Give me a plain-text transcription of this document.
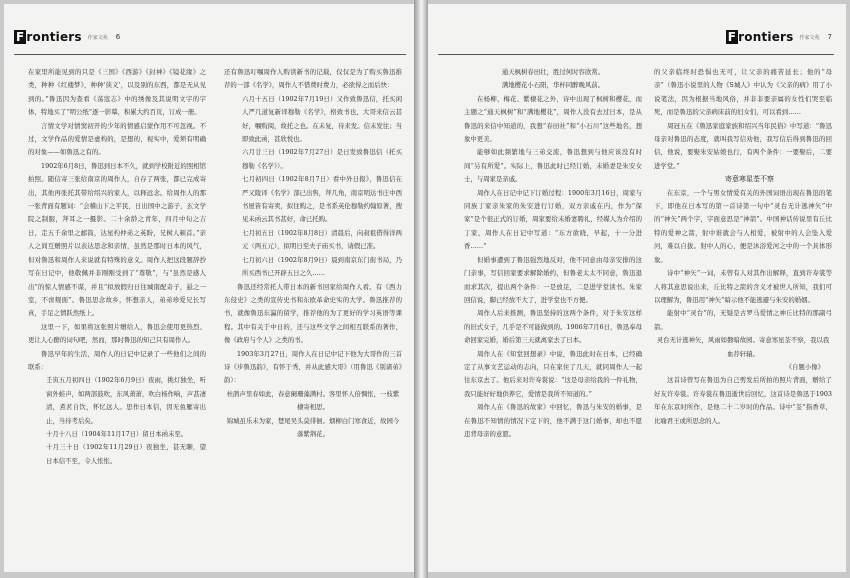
F rontiers 作家文苑 6

在家里所能见到的只是《三国》《西游》《封神》《镜花缘》之类，种种《红楼梦》，种种'侠义'，以及别的东西，都是无从见到的。”鲁迅因为查看《荡寇志》中的绣像及其说明文字的字体，特地买了“明公纸”逐一影摹，积累大约百页，订成一册。

言情文学对情窦初开的少年的情感启蒙作用不可忽视。不过，文学作品的爱情是虚构的，是想的，视实中，爱须有明确的对象——如鲁迅之有的。

1902年6月8日，鲁迅到日本不久，就到学校附近的照相馆拍照。随信寄三张给南京的周作人，自存了两张，都已完成寄出，其他再张托其带给绍兴的家人，以释远念。给周作人的那一张背面有题词：“会稽山下之平民，日出国中之游子，玄文学院之制服，拜耳之一摄影。二十余龄之青年，四月中旬之吉日，走五千余里之邮筒，达星杓仲弟之英盼，兄树人顿首。”亲人之间互赠照片以表达思念和亲情，虽然是那时日本的风气，但对鲁迅和周作人来说就有特殊的意义。周作人把这段题辞抄写在日记中，他敬佩并非刚刚受到了“尊敬”，与“虽然是感人出”的惊人情感不谋，并且“拟放假归日往城南配奇子，悬之一室，不啻觌面”。鲁迅思念故乡，怀想亲人，弟弟珍爱兄长写真，手足之情跃然纸上。

这里一下，如果将这张照片赠给人，鲁迅会使用更热烈、更让人心醉的词句吧，然而，那时鲁迅的知己只有周作人。

鲁迅早年的生活，周作人的日记中记录了一些他们之间的联系：

壬寅五月初四日（1902年6月9日）夜雨，挑灯独坐，听窗外蛙声，如两部鼓吹，东风萧萧，吹白杨作响，声甚凄清，煮茗自饮，怀忆远人。思作日本信，因无鱼雁寄出止，当待考后矣。

十月十八日（1904年11月17日）留日本函未至。

十月三十日（1902年11月29日）夜独坐，甚无聊，望日本信不至，令人怅怅。

还有鲁迅叮嘱周作人购读新书的记载，仅仅是为了购买鲁迅推荐的一部《名学》，周作人不惜费时费力，必欲得之而后快：

六月十五日（1902年7月19日）又作致鲁迅信，托买闲人严几道复新译穆勒《名学》，格致书也，大哥来信云甚好，嘱购阅，故托之也。在未复，待来发。信未发往；当即致此函，甚欣悦也。

六月廿三日（1902年7月27日）是日发致鲁迅信（托买穆勒《名学》）。

七月初四日（1902年8月7日）看中外日报》，鲁迅信在严又陵译《名学》部已出售，拜几角，南京明达书庄中西书屋皆有寄卖，拟往购之，是书系英伦穆勒约翰原著，搜见未函云其书甚好，命已托购。

七月初五日（1902年8月8日）清晨后，向叔祖借得洋两元（两五元），拟明日至夫子庙买书，请假已准。

七月初六日（1902年8月9日）晨到南京东门街书局，乃所买西书已开辟五日之久……

鲁迅还经常托人带日本的新书回家给周作人看。有《西力东侵史》之类的宣传史书和东欧革命史实的大学。鲁迅推荐的书，就像鲁迅东瀛的留学，推荐他的为了更好的学习英语等课程。其中有关于中日的，还与这些文学之间相互联系的著作，像《政府与个人》之类的书。

1903年3月27日，周作人在日记中记下他为大哥作的三首诗《步鲁迅韵》，有怀于秀，并从此感大哥》（用鲁迅《别诸弟》韵）：

杜鹃声里春如此，春意阑珊藻满村。客里怀人倍惆怅，一枝紫棣寄相思。

锦城虽乐未为家，楚尾吴头莫徘徊。烟柳白门寒食近，故园今落紫荆花。

F rontiers 作家文苑 7

通天枫树春田壮，胜过何时容欣赏。

满地樱花小石阳，华杯同醉晚风前。

在杨柳、梅花、紫棣花之外，诗中出现了枫树和樱花，而主题之“通天枫树”和“满地樱花”，周作人没有去过日本，是从鲁迅的来信中知道的，我想“春田社”和“小石川”这些地名，想象中更美。

能够如此频繁地与三弟交流，鲁迅想到与他应该没有时间“另有所爱”。实际上，鲁迅此时已经订婚，未婚妻是朱安女士，与周家是亲戚。

周作人在日记中记下订婚过程：1900年3月16日，周家与同族丁家亲朱家的朱安进行订婚，双方亲戚在内，作为“保家”是个很正式的订婚，周家要给未婚妻聘礼，经媒人为介绍的丁家，周作人在日记中写道：“东方欲晓，早起，十一分进香……”

但婚事遭到了鲁迅强烈地反对，他不同意由母亲安排的这门亲事，写信回家要求解除婚约，但鲁老太太不同意，鲁迅退而求其次，提出两个条件：一是放足，二是进学堂读书。朱家回信说，脚已经放不大了，进学堂也不方便。

周作人后来推测，鲁迅坚持的这两个条件，对于朱安这样的旧式女子，几乎是不可能做到的。1906年7月6日，鲁迅奉母命回家完婚，婚后第三天就离家去了日本。

周作人在《知堂回想录》中说，鲁迅此时在日本，已经确定了从事文艺运动的志向，只在家住了几天，就同周作人一起往东京去了。他后来对许寿裳说：“这是母亲给我的一件礼物，我只能好好地供养它，爱情是我所不知道的。”

周作人在《鲁迅的故家》中回忆，鲁迅与朱安的婚事，是在鲁迅不知情的情况下定下的，他不满于这门婚事，却也不愿违背母亲的意愿。

的父亲临终时恐惧也无可，让父亲的痛苦延长；他的“母亲”（鲁迅小说里的人物《S城人》中认为《父亲的病》用了小说笔法，因为根据当地风俗，并非非要亲属的女性们哭至临死，而是鲁迅的父亲病床前的妇女们，可以看到……

周冠五在《鲁迅家庭家族和绍兴当年民俗》中写道：“鲁迅母亲对鲁迅的态度，就叫我写信劝他，我写信后得到鲁迅的回信，他说，要娶朱安姑娘也行，有两个条件：一要娶后，二要进学堂。”

寄意寒星荃不察

在东京，一个与男女情爱有关的外国词语出现在鲁迅的笔下，即他在日本写的第一首诗第一句中“灵台无计逃神矢”中的“神矢”两个字，字面意思是“神箭”。中国神话传说里有丘比特的爱神之箭，射中谁就会与人相爱，被射中的人会坠入爱河，难以自拔。射中人的心，便是沐浴爱河之中的一个具体形象。

诗中“神矢”一词，未曾有人对其作出解释，直到许寿裳等人将其意思说出来，丘比特之箭的含义才被世人所知，我们可以理解为，鲁迅用“神矢”暗示他不能逃避与朱安的婚姻。

能射中“灵台”的，无疑是古罗马爱情之神丘比特的那副弓箭。

灵台无计逃神矢，风雨如磐暗故园。寄意寒星荃不察，我以我血荐轩辕。

《自题小像》

这首诗曾写在鲁迅为自己剪发后所拍的照片背面，赠给了好友许寿裳。许寿裳在鲁迅逝世后回忆，这首诗是鲁迅于1903年在东京时所作，是他二十二岁时的作品。诗中“荃”指香草，比喻君王或所思念的人。
